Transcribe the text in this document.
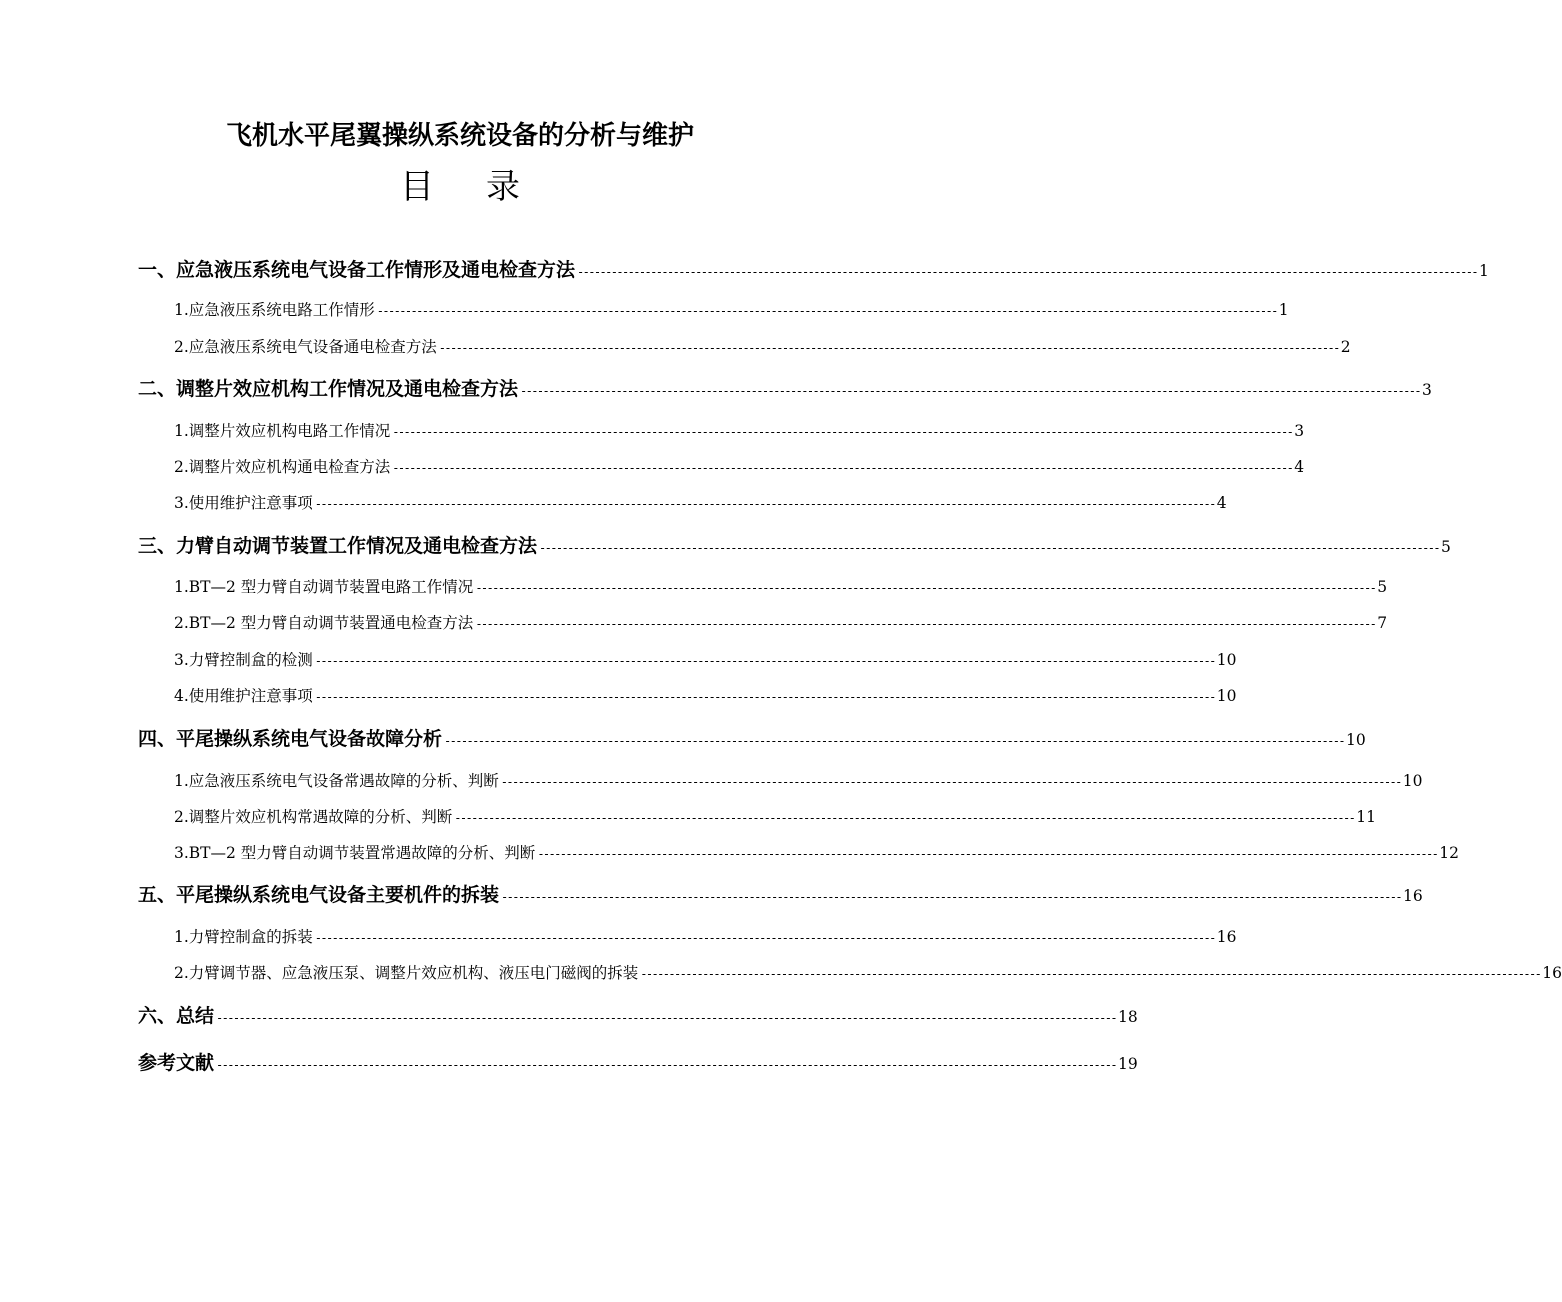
飞机水平尾翼操纵系统设备的分析与维护
目录
一、应急液压系统电气设备工作情形及通电检查方法 ---------------------------------------------------------------------------------------------------------------------------------------------------------------- 1
1.应急液压系统电路工作情形 ---------------------------------------------------------------------------------------------------------------------------------------------------------------- 1
2.应急液压系统电气设备通电检查方法 ---------------------------------------------------------------------------------------------------------------------------------------------------------------- 2
二、调整片效应机构工作情况及通电检查方法 ---------------------------------------------------------------------------------------------------------------------------------------------------------------- 3
1.调整片效应机构电路工作情况 ---------------------------------------------------------------------------------------------------------------------------------------------------------------- 3
2.调整片效应机构通电检查方法 ---------------------------------------------------------------------------------------------------------------------------------------------------------------- 4
3.使用维护注意事项 ---------------------------------------------------------------------------------------------------------------------------------------------------------------- 4
三、力臂自动调节装置工作情况及通电检查方法 ---------------------------------------------------------------------------------------------------------------------------------------------------------------- 5
1.BT—2 型力臂自动调节装置电路工作情况 ---------------------------------------------------------------------------------------------------------------------------------------------------------------- 5
2.BT—2 型力臂自动调节装置通电检查方法 ---------------------------------------------------------------------------------------------------------------------------------------------------------------- 7
3.力臂控制盒的检测 ---------------------------------------------------------------------------------------------------------------------------------------------------------------- 10
4.使用维护注意事项 ---------------------------------------------------------------------------------------------------------------------------------------------------------------- 10
四、平尾操纵系统电气设备故障分析 ---------------------------------------------------------------------------------------------------------------------------------------------------------------- 10
1.应急液压系统电气设备常遇故障的分析、判断 ---------------------------------------------------------------------------------------------------------------------------------------------------------------- 10
2.调整片效应机构常遇故障的分析、判断 ---------------------------------------------------------------------------------------------------------------------------------------------------------------- 11
3.BT—2 型力臂自动调节装置常遇故障的分析、判断 ---------------------------------------------------------------------------------------------------------------------------------------------------------------- 12
五、平尾操纵系统电气设备主要机件的拆装 ---------------------------------------------------------------------------------------------------------------------------------------------------------------- 16
1.力臂控制盒的拆装 ---------------------------------------------------------------------------------------------------------------------------------------------------------------- 16
2.力臂调节器、应急液压泵、调整片效应机构、液压电门磁阀的拆装 ---------------------------------------------------------------------------------------------------------------------------------------------------------------- 16
六、总结 ---------------------------------------------------------------------------------------------------------------------------------------------------------------- 18
参考文献 ---------------------------------------------------------------------------------------------------------------------------------------------------------------- 19
